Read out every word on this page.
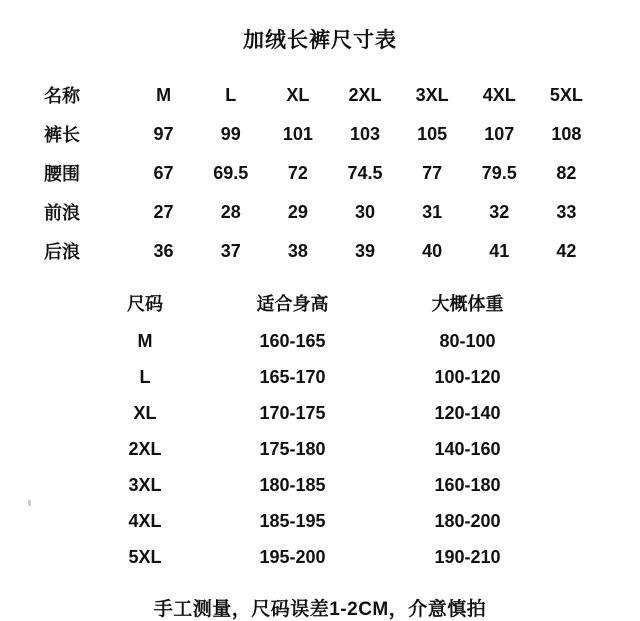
加绒长裤尺寸表
名称	M	L	XL	2XL	3XL	4XL	5XL
裤长	97	99	101	103	105	107	108
腰围	67	69.5	72	74.5	77	79.5	82
前浪	27	28	29	30	31	32	33
后浪	36	37	38	39	40	41	42
尺码	适合身高	大概体重
M	160-165	80-100
L	165-170	100-120
XL	170-175	120-140
2XL	175-180	140-160
3XL	180-185	160-180
4XL	185-195	180-200
5XL	195-200	190-210
手工测量，尺码误差1-2CM，介意慎拍
